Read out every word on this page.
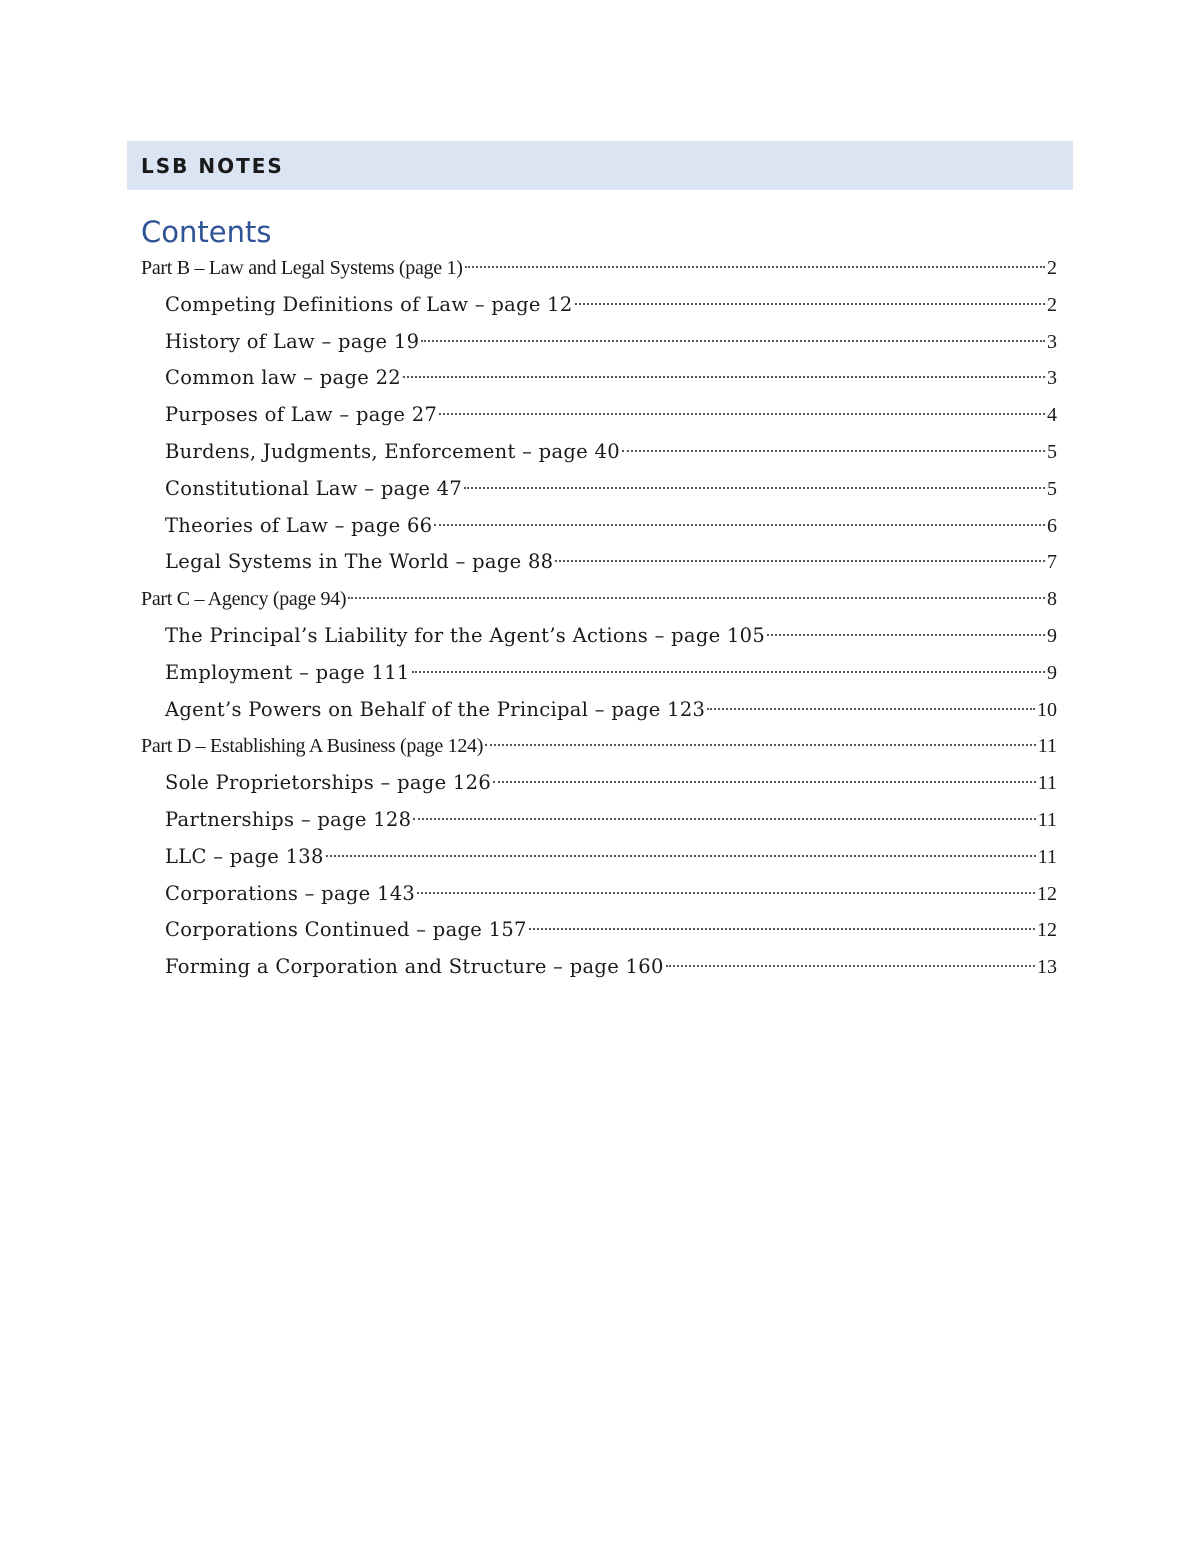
LSB NOTES
Contents
Part B – Law and Legal Systems (page 1)	2
Competing Definitions of Law – page 12	2
History of Law – page 19	3
Common law – page 22	3
Purposes of Law – page 27	4
Burdens, Judgments, Enforcement – page 40	5
Constitutional Law – page 47	5
Theories of Law – page 66	6
Legal Systems in The World – page 88	7
Part C – Agency (page 94)	8
The Principal’s Liability for the Agent’s Actions – page 105	9
Employment – page 111	9
Agent’s Powers on Behalf of the Principal – page 123	10
Part D – Establishing A Business (page 124)	11
Sole Proprietorships – page 126	11
Partnerships – page 128	11
LLC – page 138	11
Corporations – page 143	12
Corporations Continued – page 157	12
Forming a Corporation and Structure – page 160	13
